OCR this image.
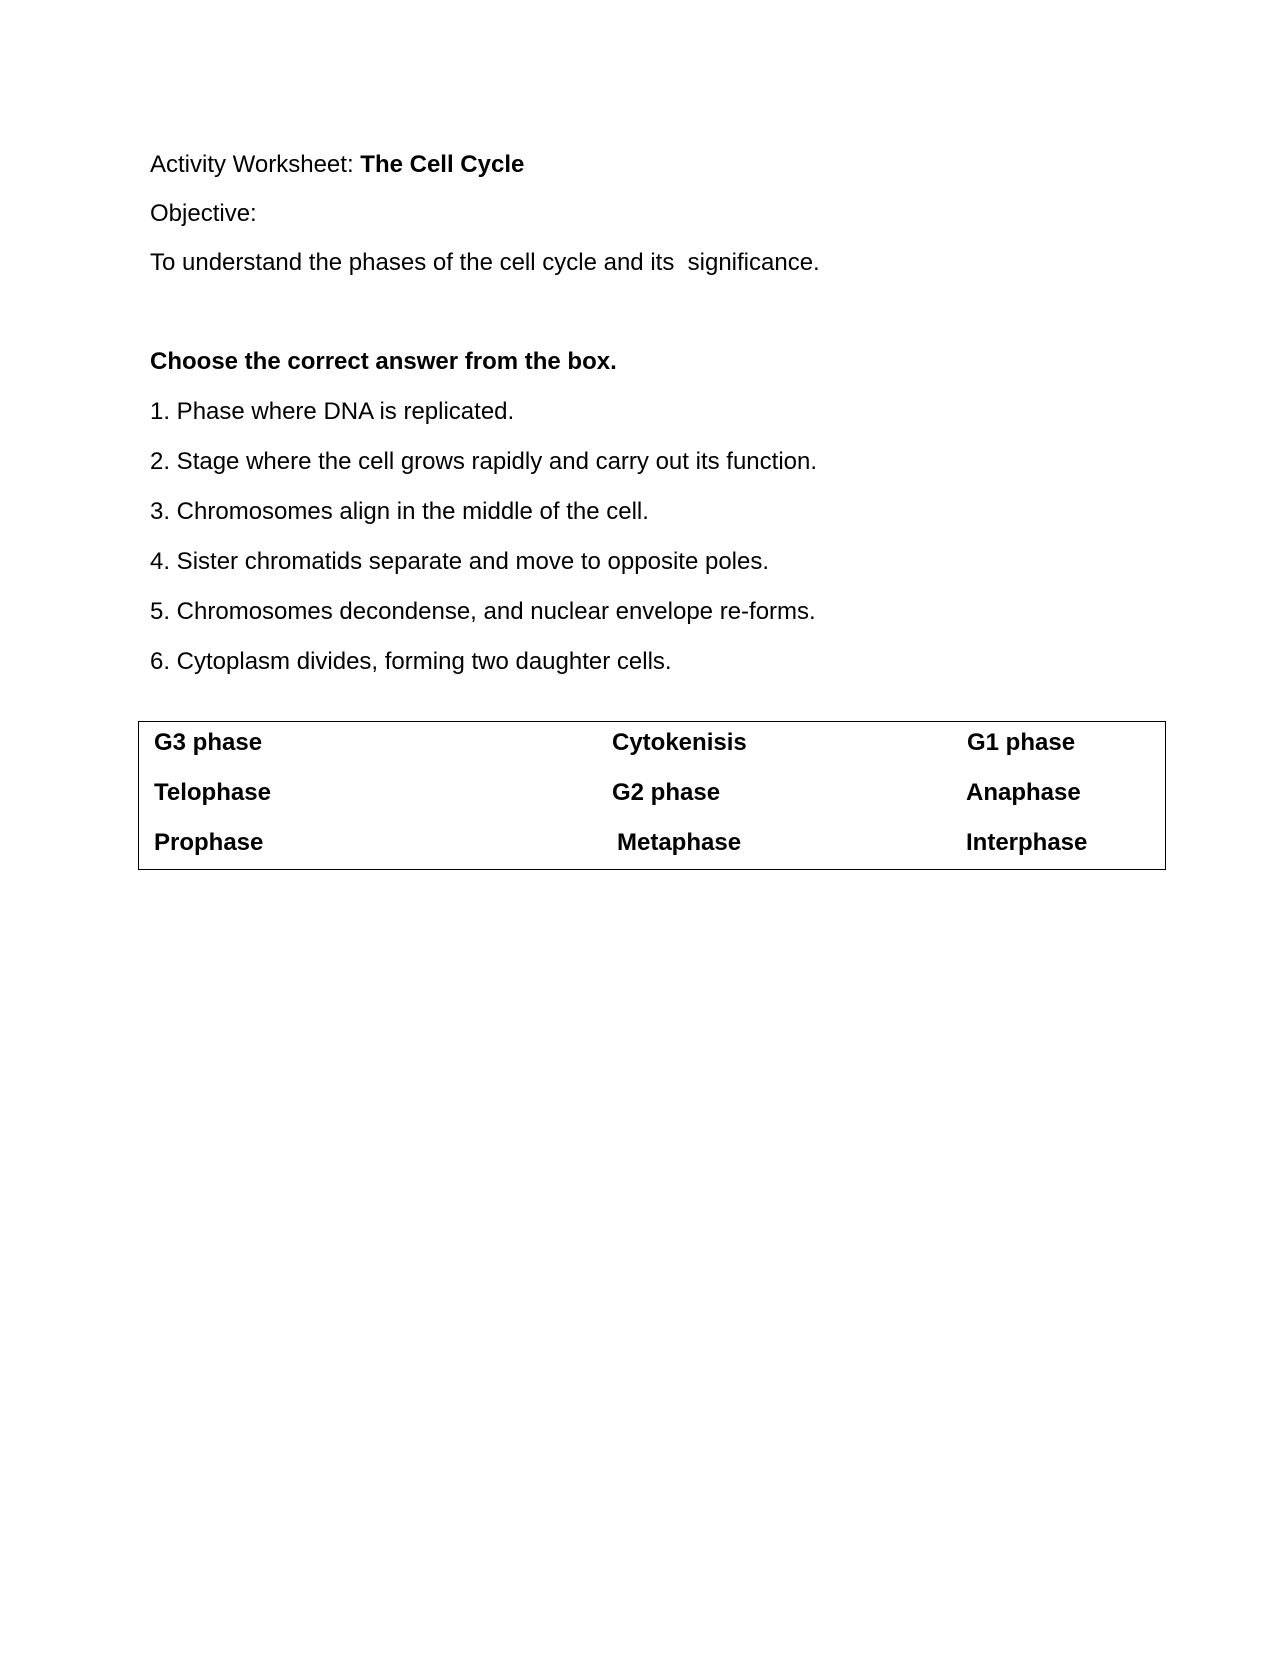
Activity Worksheet: The Cell Cycle
Objective:
To understand the phases of the cell cycle and its  significance.
Choose the correct answer from the box.
1. Phase where DNA is replicated.
2. Stage where the cell grows rapidly and carry out its function.
3. Chromosomes align in the middle of the cell.
4. Sister chromatids separate and move to opposite poles.
5. Chromosomes decondense, and nuclear envelope re-forms.
6. Cytoplasm divides, forming two daughter cells.
G3 phase	Cytokenisis	G1 phase
Telophase	G2 phase	Anaphase
Prophase	Metaphase	Interphase
